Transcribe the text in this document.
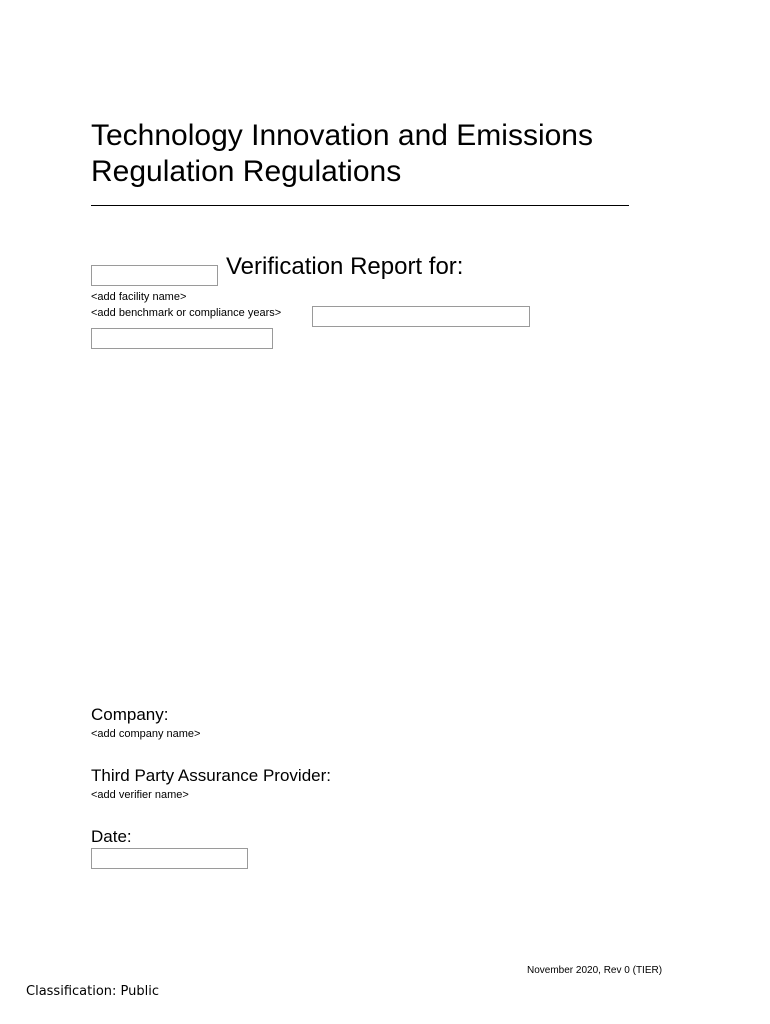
Technology Innovation and Emissions Regulation Regulations
Verification Report for:
<add facility name>
<add benchmark or compliance years>
Company:
<add company name>
Third Party Assurance Provider:
<add verifier name>
Date:
November 2020, Rev 0 (TIER)
Classification: Public
